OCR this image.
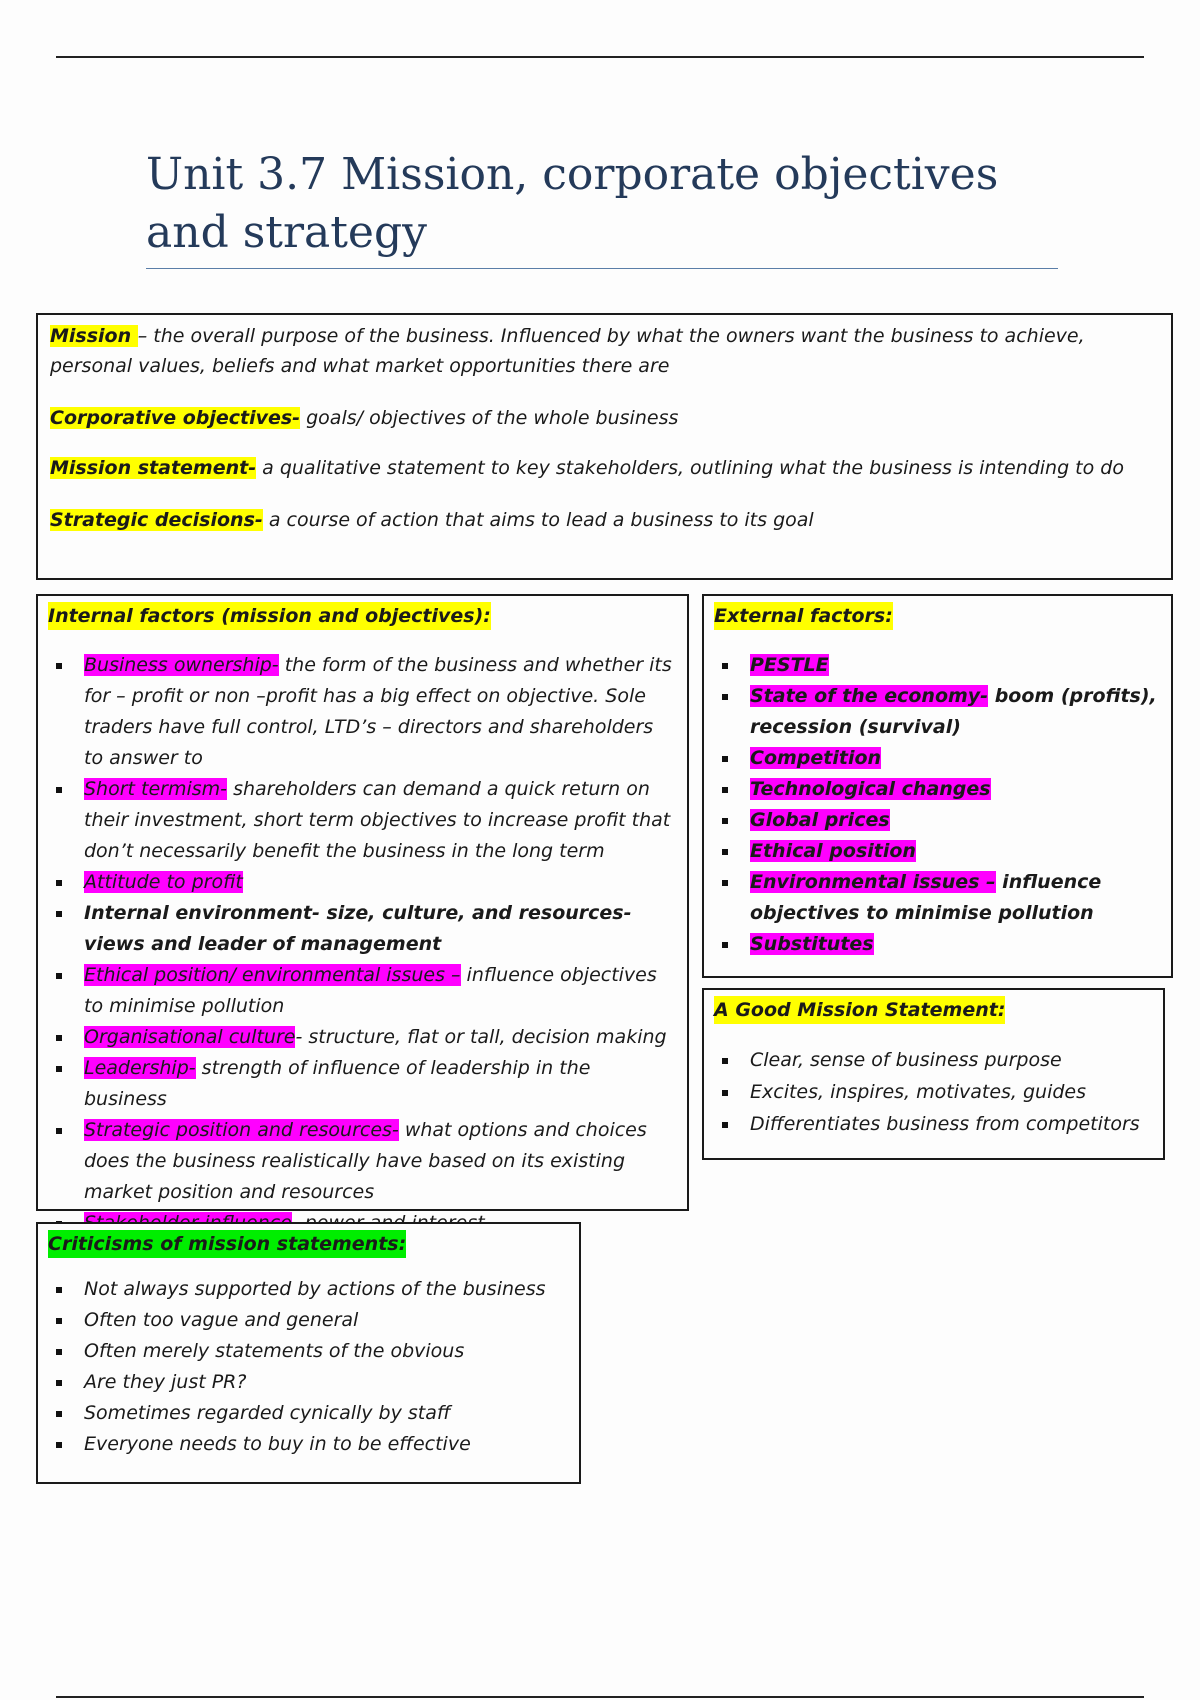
Unit 3.7 Mission, corporate objectives and strategy

Mission – the overall purpose of the business. Influenced by what the owners want the business to achieve, personal values, beliefs and what market opportunities there are

Corporative objectives- goals/ objectives of the whole business

Mission statement- a qualitative statement to key stakeholders, outlining what the business is intending to do

Strategic decisions- a course of action that aims to lead a business to its goal

Internal factors (mission and objectives):
Business ownership- the form of the business and whether its for – profit or non –profit has a big effect on objective. Sole traders have full control, LTD’s – directors and shareholders to answer to
Short termism- shareholders can demand a quick return on their investment, short term objectives to increase profit that don’t necessarily benefit the business in the long term
Attitude to profit
Internal environment- size, culture, and resources- views and leader of management
Ethical position/ environmental issues – influence objectives to minimise pollution
Organisational culture- structure, flat or tall, decision making
Leadership- strength of influence of leadership in the business
Strategic position and resources- what options and choices does the business realistically have based on its existing market position and resources
External factors:
PESTLE
State of the economy- boom (profits), recession (survival)
Competition
Technological changes
Global prices
Ethical position
Environmental issues – influence objectives to minimise pollution
Substitutes
A Good Mission Statement:
Clear, sense of business purpose
Excites, inspires, motivates, guides
Differentiates business from competitors
Criticisms of mission statements:
Not always supported by actions of the business
Often too vague and general
Often merely statements of the obvious
Are they just PR?
Sometimes regarded cynically by staff
Everyone needs to buy in to be effective
